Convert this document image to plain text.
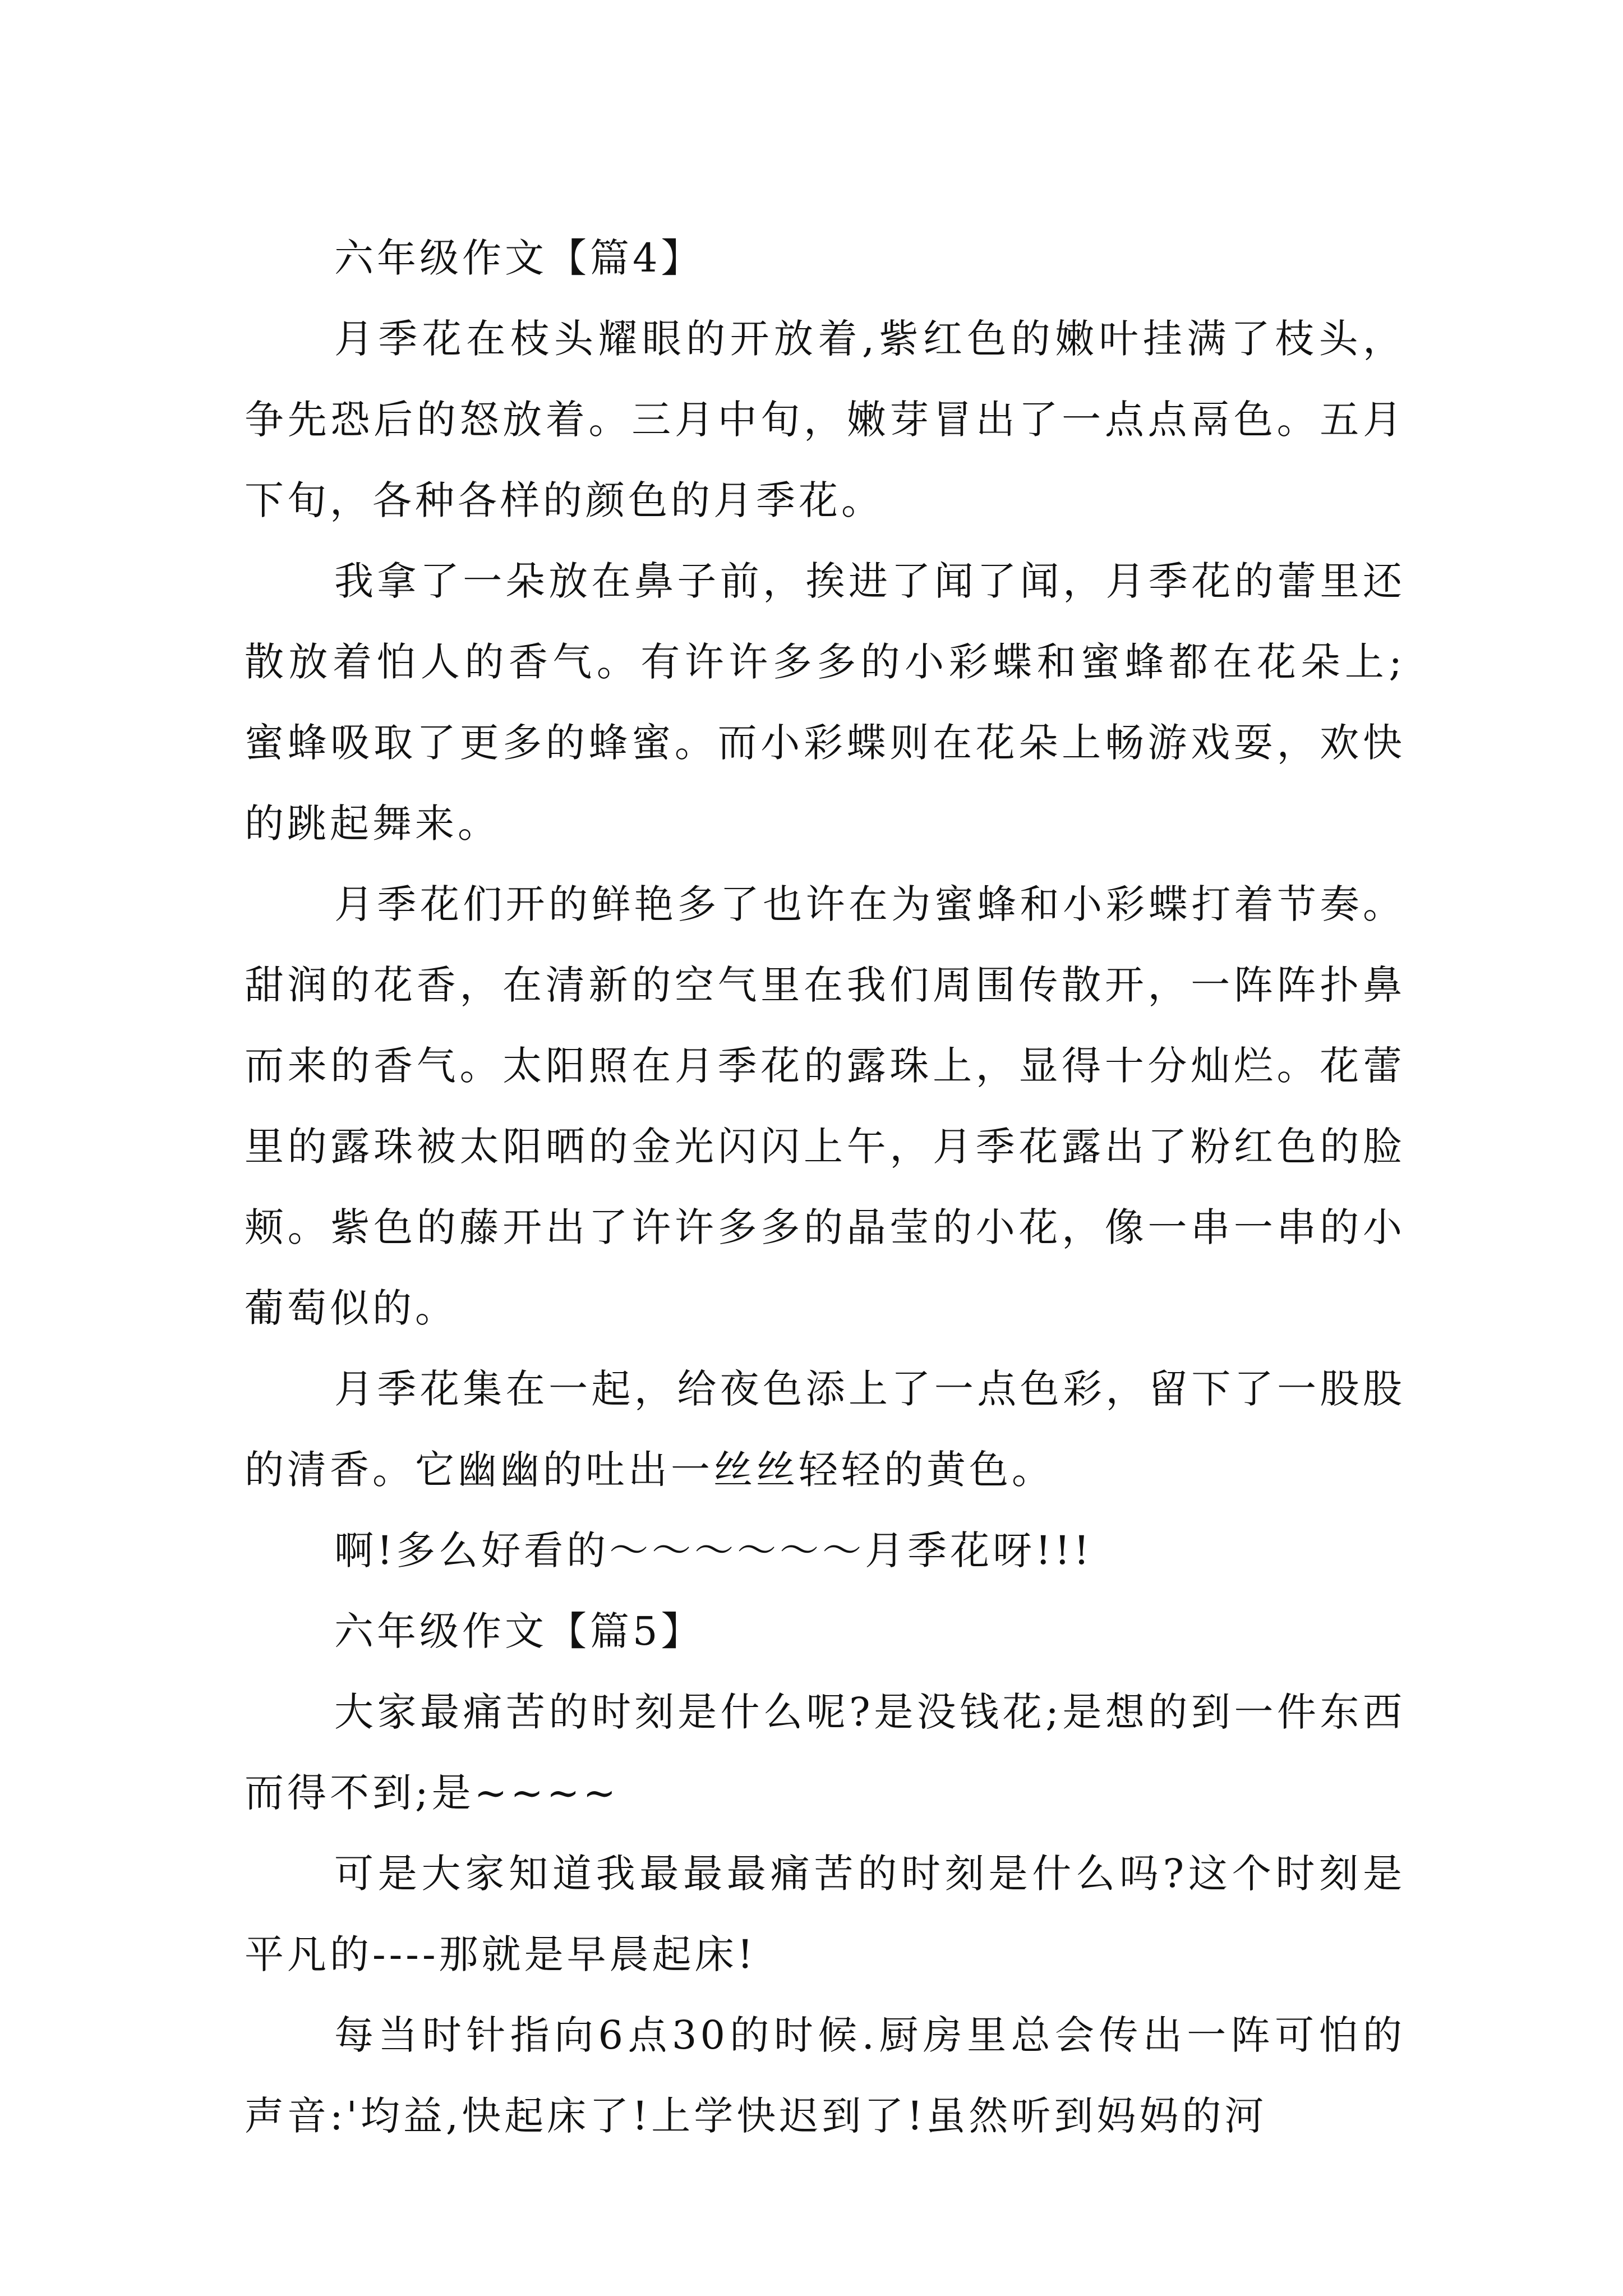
六年级作文【篇4】

月季花在枝头耀眼的开放着,紫红色的嫩叶挂满了枝头，争先恐后的怒放着。三月中旬，嫩芽冒出了一点点鬲色。五月下旬，各种各样的颜色的月季花。

我拿了一朵放在鼻子前，挨进了闻了闻，月季花的蕾里还散放着怕人的香气。有许许多多的小彩蝶和蜜蜂都在花朵上;蜜蜂吸取了更多的蜂蜜。而小彩蝶则在花朵上畅游戏耍，欢快的跳起舞来。

月季花们开的鲜艳多了也许在为蜜蜂和小彩蝶打着节奏。甜润的花香，在清新的空气里在我们周围传散开，一阵阵扑鼻而来的香气。太阳照在月季花的露珠上，显得十分灿烂。花蕾里的露珠被太阳晒的金光闪闪上午，月季花露出了粉红色的脸颊。紫色的藤开出了许许多多的晶莹的小花，像一串一串的小葡萄似的。

月季花集在一起，给夜色添上了一点色彩，留下了一股股的清香。它幽幽的吐出一丝丝轻轻的黄色。

啊!多么好看的～～～～～～月季花呀!!!

六年级作文【篇5】

大家最痛苦的时刻是什么呢?是没钱花;是想的到一件东西而得不到;是~~~~

可是大家知道我最最最痛苦的时刻是什么吗?这个时刻是平凡的----那就是早晨起床!

每当时针指向6点30的时候.厨房里总会传出一阵可怕的声音:'均益,快起床了!上学快迟到了!虽然听到妈妈的河
